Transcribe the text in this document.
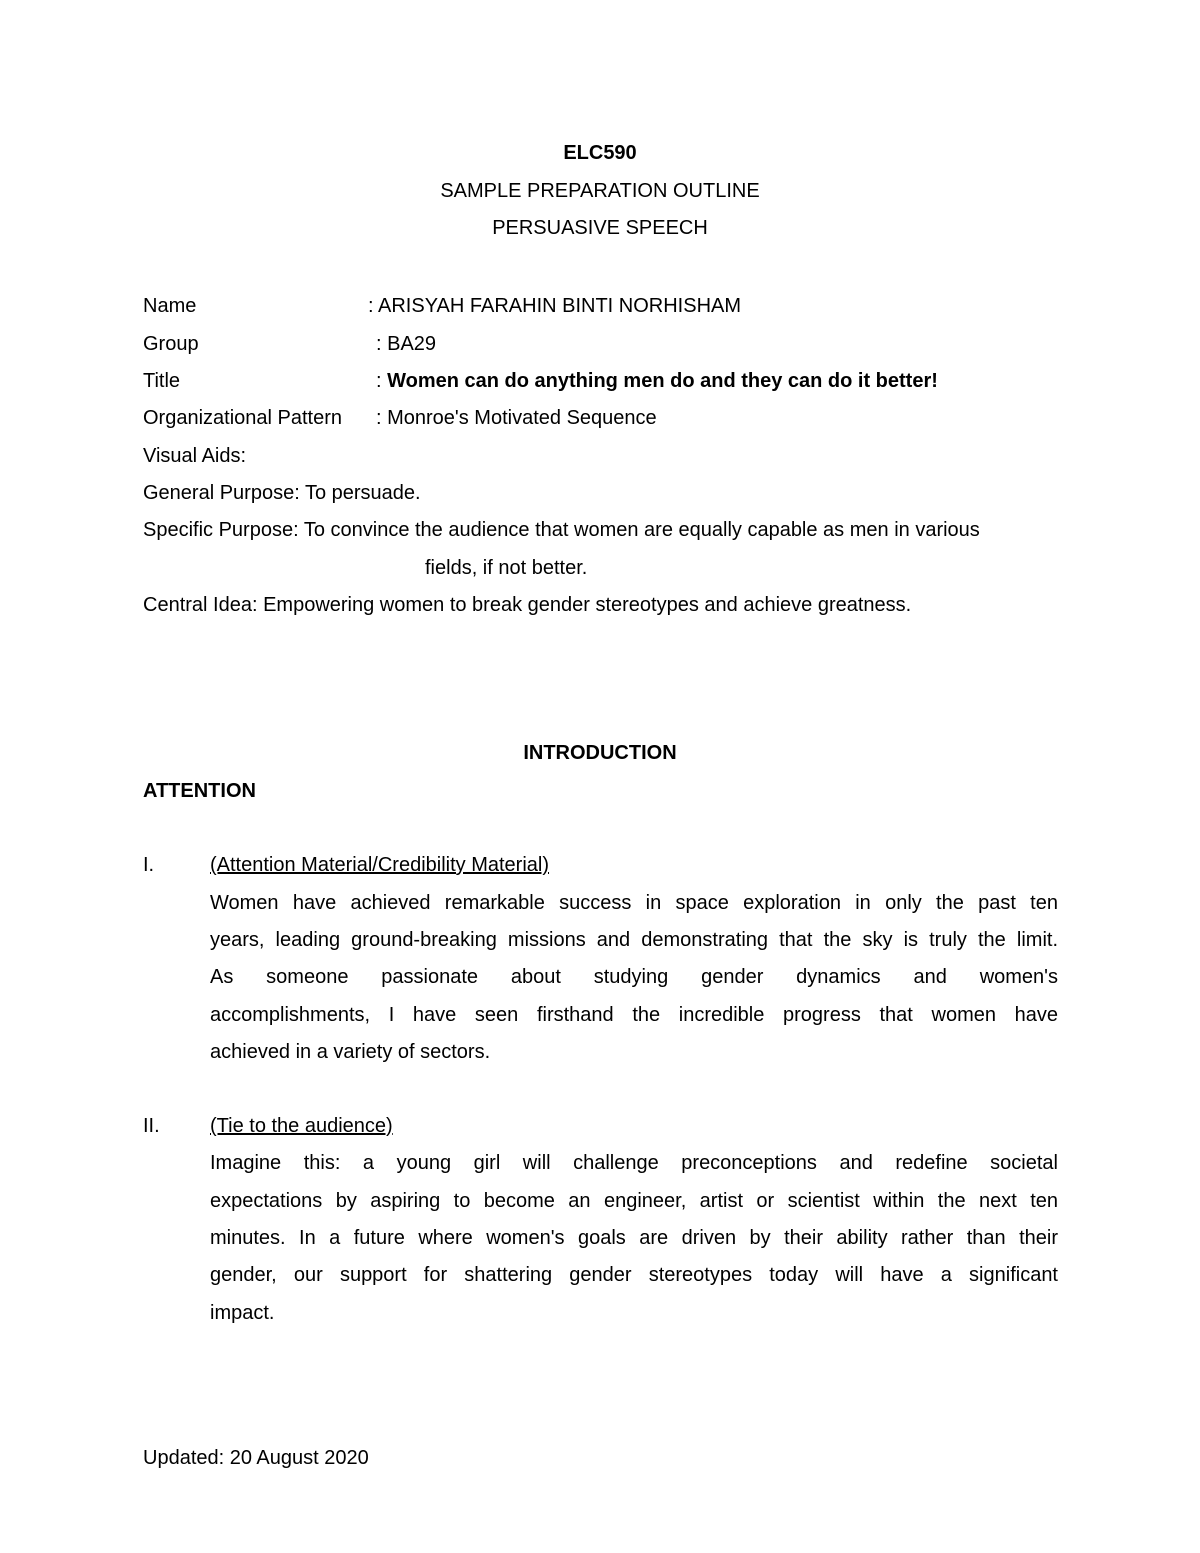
ELC590
SAMPLE PREPARATION OUTLINE
PERSUASIVE SPEECH
Name	: ARISYAH FARAHIN BINTI NORHISHAM
Group	: BA29
Title	: Women can do anything men do and they can do it better!
Organizational Pattern : Monroe's Motivated Sequence
Visual Aids:
General Purpose: To persuade.
Specific Purpose: To convince the audience that women are equally capable as men in various
fields, if not better.
Central Idea: Empowering women to break gender stereotypes and achieve greatness.
INTRODUCTION
ATTENTION
I.	(Attention Material/Credibility Material)
Women have achieved remarkable success in space exploration in only the past ten
years, leading ground-breaking missions and demonstrating that the sky is truly the limit.
As someone passionate about studying gender dynamics and women's
accomplishments, I have seen firsthand the incredible progress that women have
achieved in a variety of sectors.
II.	(Tie to the audience)
Imagine this: a young girl will challenge preconceptions and redefine societal
expectations by aspiring to become an engineer, artist or scientist within the next ten
minutes. In a future where women's goals are driven by their ability rather than their
gender, our support for shattering gender stereotypes today will have a significant
impact.
Updated: 20 August 2020
